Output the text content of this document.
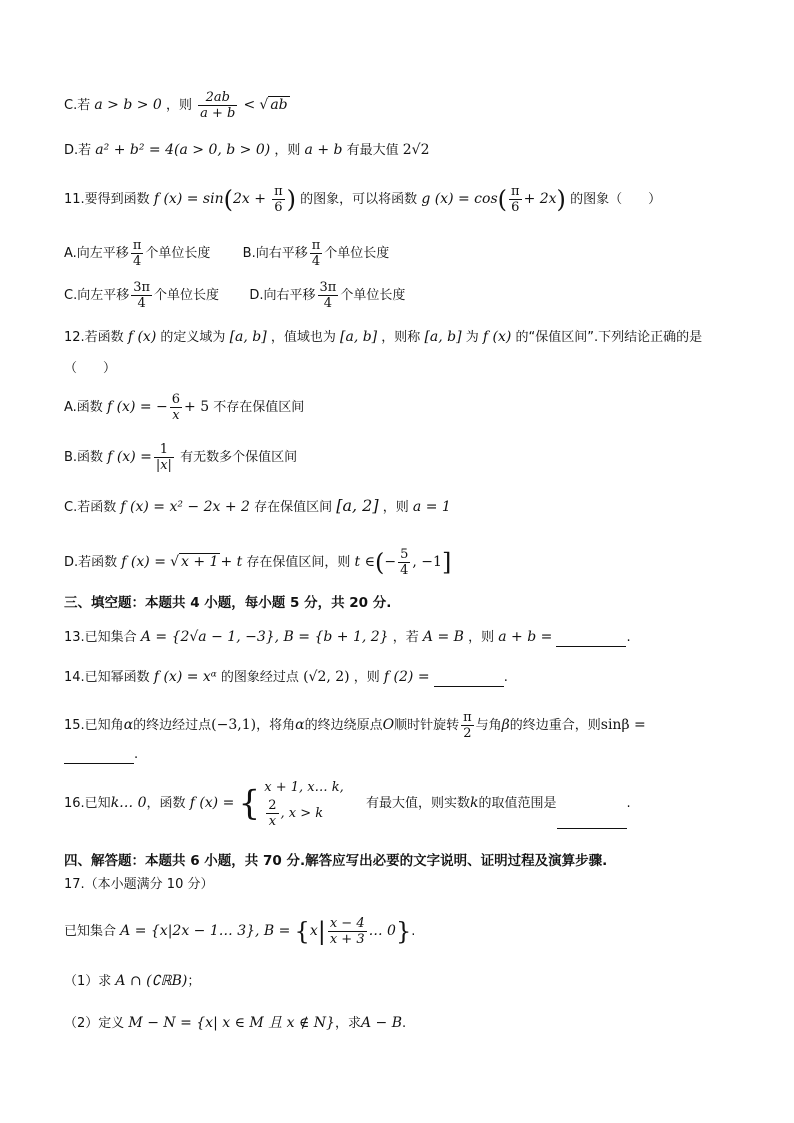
C.若 a > b > 0 ，则 $\frac{2ab}{a + b}$ < √ ab
D.若 a² + b² = 4(a > 0, b > 0) ，则 a + b 有最大值 2√2
11.要得到函数 f $(x) = \sin(2x + \frac{\pi}{6}$ ) 的图象，可以将函数 g $(x) = \cos( \frac{\pi}{6} + 2x)$ 的图象（　　）
A.向左平移 $\frac{\pi}{4}$ 个单位长度 B.向右平移 $\frac{\pi}{4}$ 个单位长度
C.向左平移 $\frac{3\pi}{4}$ 个单位长度 D.向右平移 $\frac{3\pi}{4}$ 个单位长度
12.若函数 f (x) 的定义域为 [a, b] ，值域也为 [a, b] ，则称 [a, b] 为 f (x) 的“保值区间”.下列结论正确的是
（　　）
A.函数 f (x) = − $\frac{6}{x} + 5$ 不存在保值区间
B.函数 f $(x) = \frac{1}{|x|}$ 有无数多个保值区间
C.若函数 f (x) = x² − 2x + 2 存在保值区间 [a, 2] ，则 a = 1
D.若函数 f (x) = √ x + 1 + t 存在保值区间，则 t ∈(− $\frac{5}{4}$ , −1]
三、填空题：本题共 4 小题，每小题 5 分，共 20 分.
13.已知集合 A = {2√a − 1, −3}, B = {b + 1, 2} ，若 A = B ，则 a + b =	.
14.已知幂函数 f (x) = xᵅ 的图象经过点 (√2, 2) ，则 f (2) =	.
15.已知角α的终边经过点(−3,1)，将角α的终边绕原点O顺时针旋转 $\frac{\pi}{2}$ 与角β的终边重合，则sinβ =
.
16.已知k… 0，函数 f (x) = { x + 1, x… k,
$\frac{2}{x}$ , x > k
有最大值，则实数k的取值范围是	.
四、解答题：本题共 6 小题，共 70 分.解答应写出必要的文字说明、证明过程及演算步骤.
17.（本小题满分 10 分）
已知集合 A = {x|2x − 1… 3}, $B = \{x| \frac{x - 4}{x + 3}$ … 0}.
（1）求 A ∩ (∁ℝB)；
（2）定义 M − N = {x| x ∈ M 且 x ∉ N}，求A − B.
